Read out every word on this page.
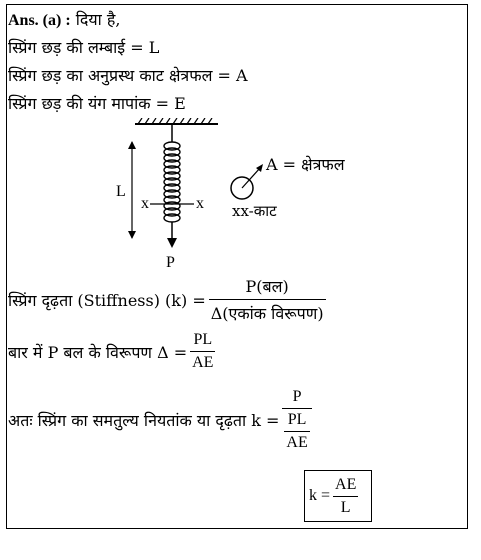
Ans. (a) : दिया है,
स्प्रिंग छड़ की लम्बाई = L
स्प्रिंग छड़ का अनुप्रस्थ काट क्षेत्रफल = A
स्प्रिंग छड़ की यंग मापांक = E
x	x
L
P
A = क्षेत्रफल
xx-काट
स्प्रिंग दृढ़ता (Stiffness) $(k) = \frac{\text{P(बल)}}{\text{Δ(एकांक विरूपण)}}$
बार में P बल के विरूपण $\Delta = \frac{PL}{AE}$
अतः स्प्रिंग का समतुल्य नियतांक या दृढ़ता $k = \frac{P}{\frac{PL}{AE}}$
$k = \frac{AE}{L}$
